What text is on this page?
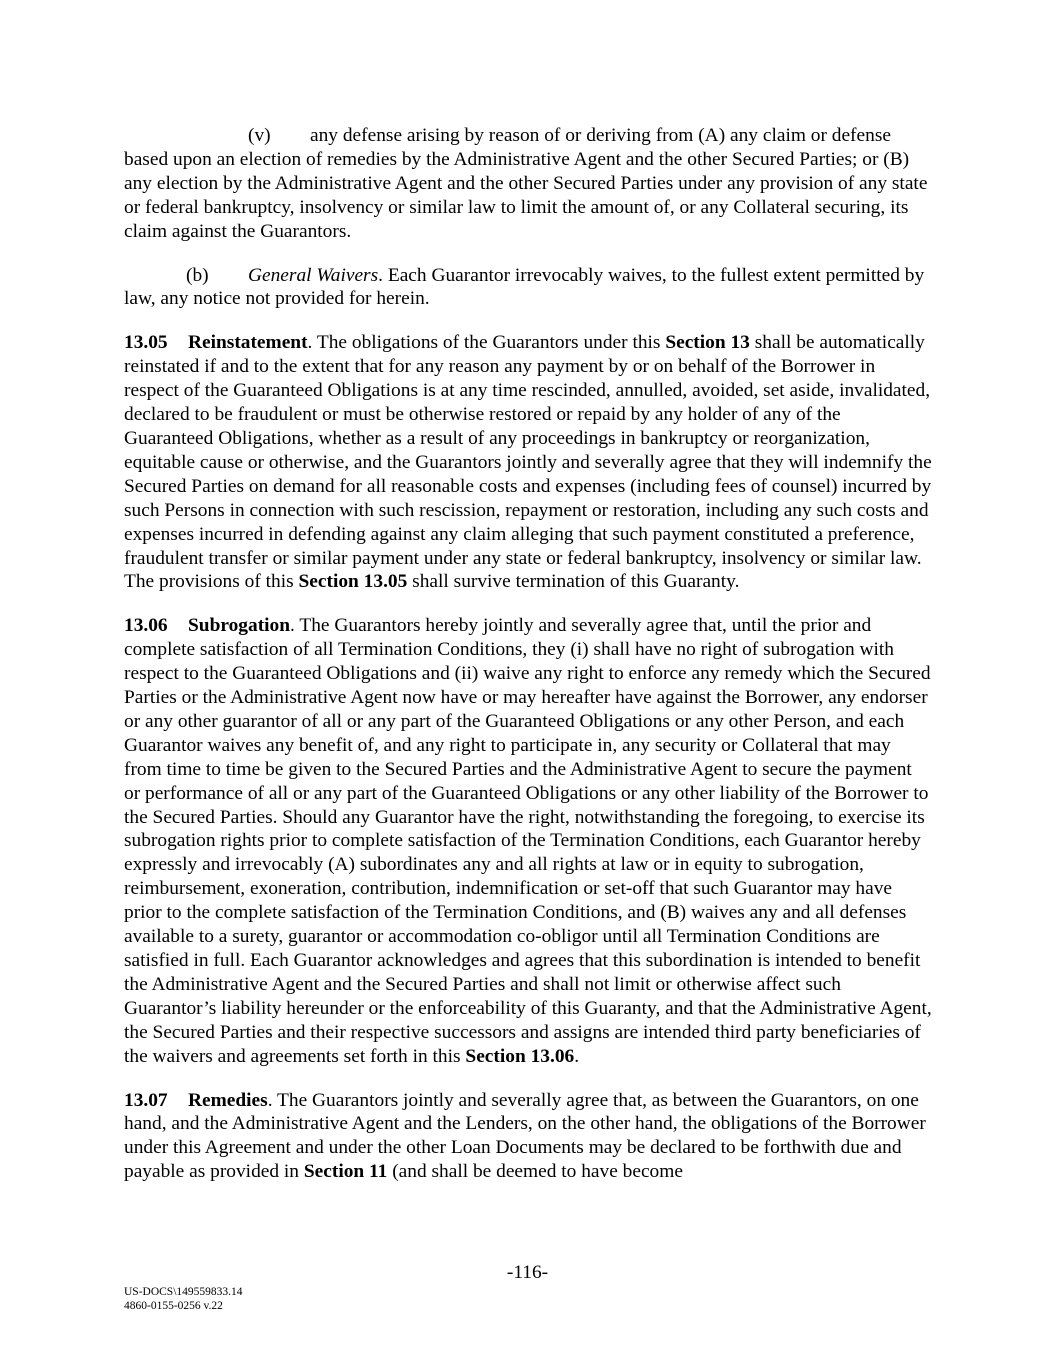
(v) any defense arising by reason of or deriving from (A) any claim or defense based upon an election of remedies by the Administrative Agent and the other Secured Parties; or (B) any election by the Administrative Agent and the other Secured Parties under any provision of any state or federal bankruptcy, insolvency or similar law to limit the amount of, or any Collateral securing, its claim against the Guarantors.

(b) General Waivers. Each Guarantor irrevocably waives, to the fullest extent permitted by law, any notice not provided for herein.

13.05 Reinstatement. The obligations of the Guarantors under this Section 13 shall be automatically reinstated if and to the extent that for any reason any payment by or on behalf of the Borrower in respect of the Guaranteed Obligations is at any time rescinded, annulled, avoided, set aside, invalidated, declared to be fraudulent or must be otherwise restored or repaid by any holder of any of the Guaranteed Obligations, whether as a result of any proceedings in bankruptcy or reorganization, equitable cause or otherwise, and the Guarantors jointly and severally agree that they will indemnify the Secured Parties on demand for all reasonable costs and expenses (including fees of counsel) incurred by such Persons in connection with such rescission, repayment or restoration, including any such costs and expenses incurred in defending against any claim alleging that such payment constituted a preference, fraudulent transfer or similar payment under any state or federal bankruptcy, insolvency or similar law. The provisions of this Section 13.05 shall survive termination of this Guaranty.

13.06 Subrogation. The Guarantors hereby jointly and severally agree that, until the prior and complete satisfaction of all Termination Conditions, they (i) shall have no right of subrogation with respect to the Guaranteed Obligations and (ii) waive any right to enforce any remedy which the Secured Parties or the Administrative Agent now have or may hereafter have against the Borrower, any endorser or any other guarantor of all or any part of the Guaranteed Obligations or any other Person, and each Guarantor waives any benefit of, and any right to participate in, any security or Collateral that may from time to time be given to the Secured Parties and the Administrative Agent to secure the payment or performance of all or any part of the Guaranteed Obligations or any other liability of the Borrower to the Secured Parties. Should any Guarantor have the right, notwithstanding the foregoing, to exercise its subrogation rights prior to complete satisfaction of the Termination Conditions, each Guarantor hereby expressly and irrevocably (A) subordinates any and all rights at law or in equity to subrogation, reimbursement, exoneration, contribution, indemnification or set-off that such Guarantor may have prior to the complete satisfaction of the Termination Conditions, and (B) waives any and all defenses available to a surety, guarantor or accommodation co-obligor until all Termination Conditions are satisfied in full. Each Guarantor acknowledges and agrees that this subordination is intended to benefit the Administrative Agent and the Secured Parties and shall not limit or otherwise affect such Guarantor’s liability hereunder or the enforceability of this Guaranty, and that the Administrative Agent, the Secured Parties and their respective successors and assigns are intended third party beneficiaries of the waivers and agreements set forth in this Section 13.06.

13.07 Remedies. The Guarantors jointly and severally agree that, as between the Guarantors, on one hand, and the Administrative Agent and the Lenders, on the other hand, the obligations of the Borrower under this Agreement and under the other Loan Documents may be declared to be forthwith due and payable as provided in Section 11 (and shall be deemed to have become

-116-
US-DOCS\149559833.14
4860-0155-0256 v.22
